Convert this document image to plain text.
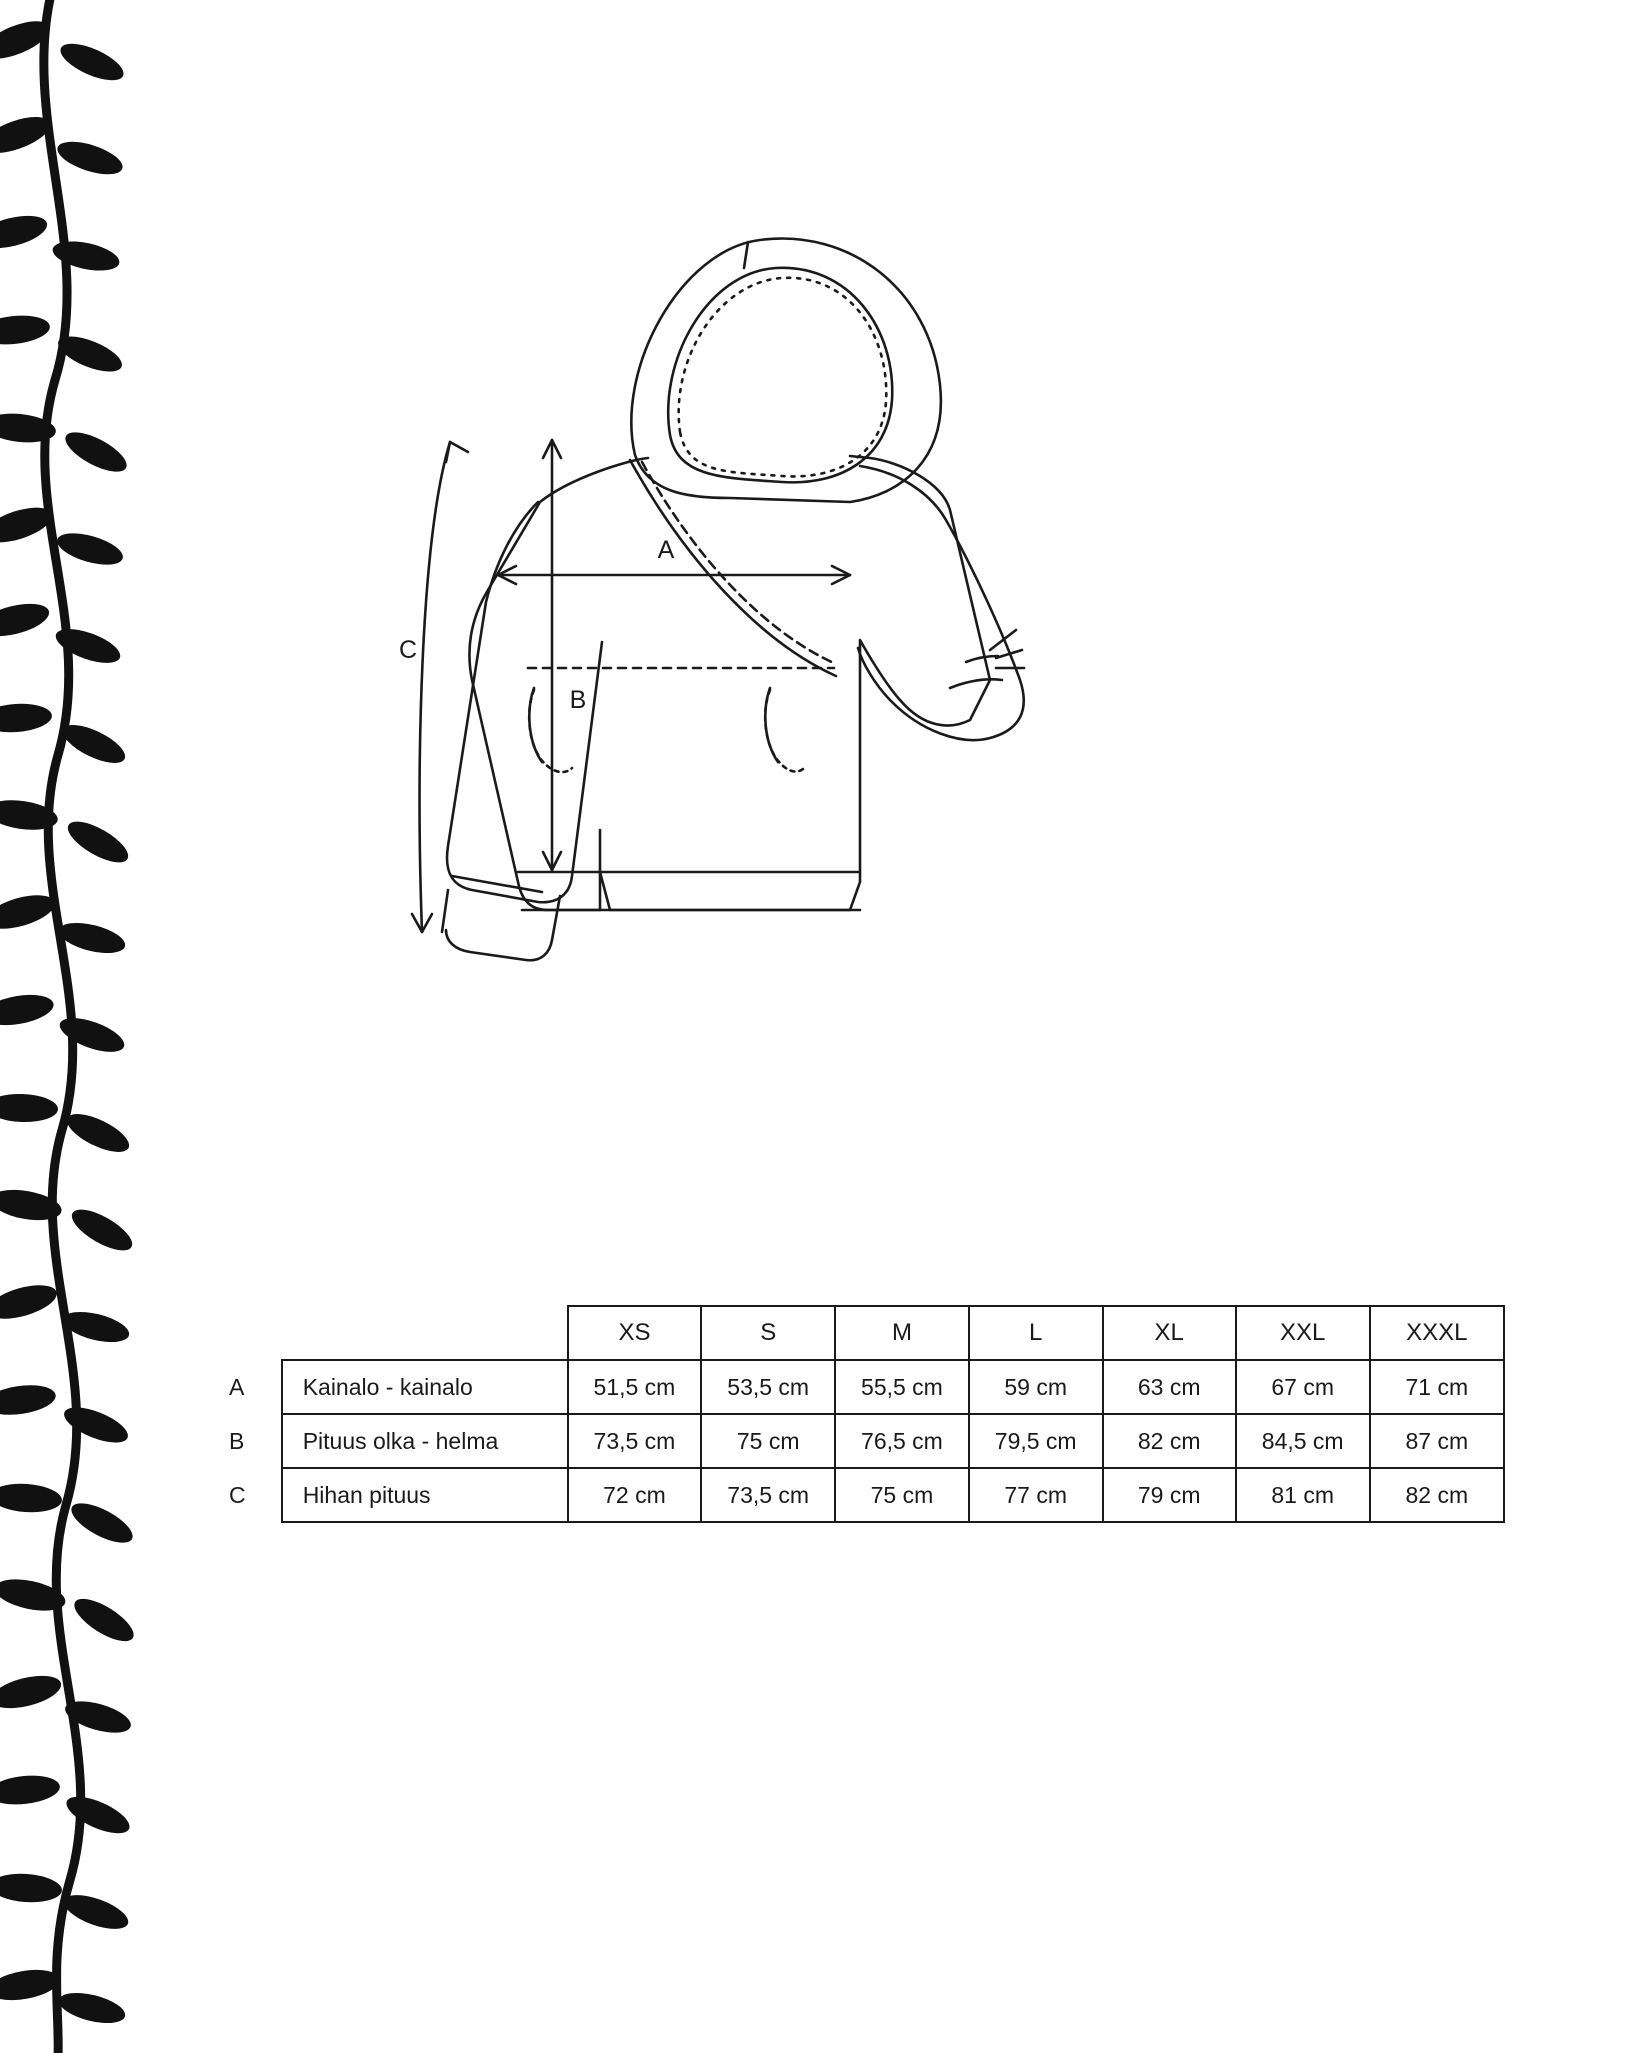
A
B
C
		XS	S	M	L	XL	XXL	XXXL
A	Kainalo - kainalo	51,5 cm	53,5 cm	55,5 cm	59 cm	63 cm	67 cm	71 cm
B	Pituus olka - helma	73,5 cm	75 cm	76,5 cm	79,5 cm	82 cm	84,5 cm	87 cm
C	Hihan pituus	72 cm	73,5 cm	75 cm	77 cm	79 cm	81 cm	82 cm
